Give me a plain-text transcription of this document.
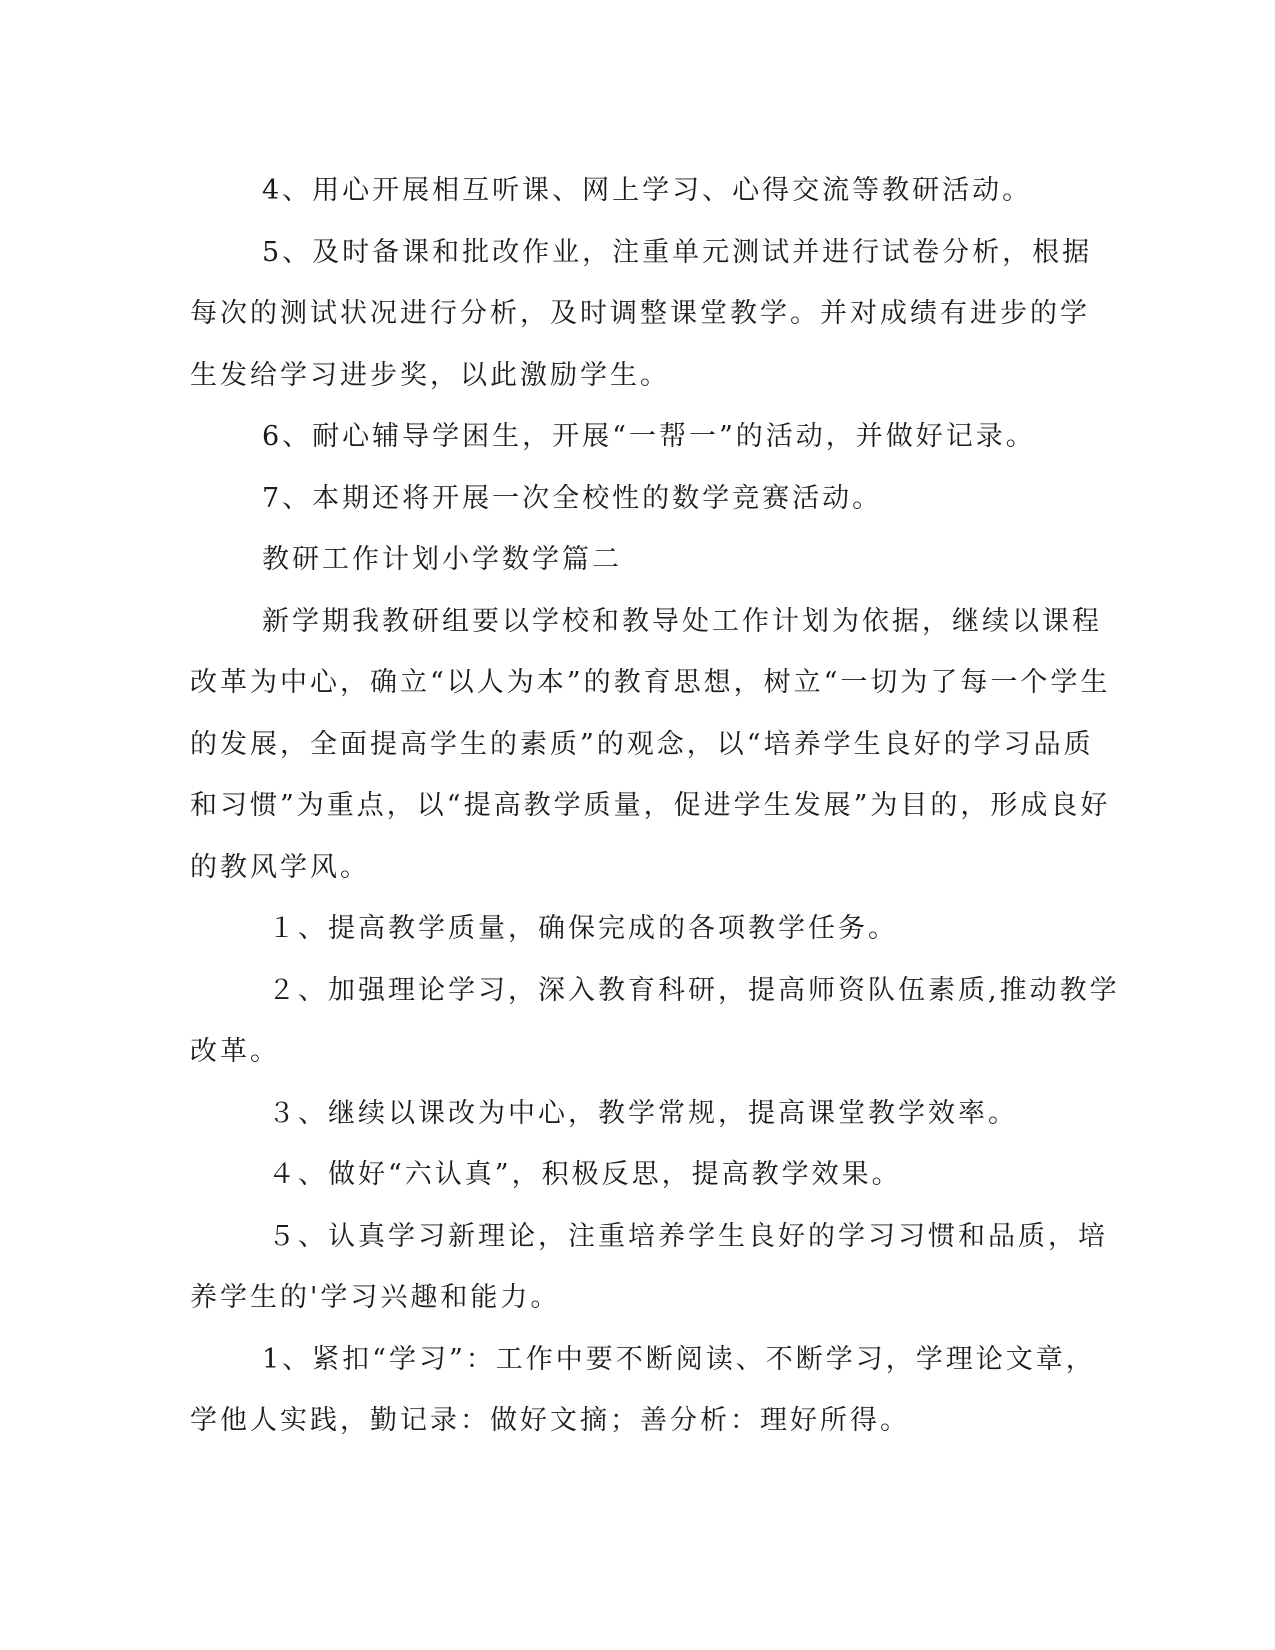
4、用心开展相互听课、网上学习、心得交流等教研活动。
5、及时备课和批改作业，注重单元测试并进行试卷分析，根据
每次的测试状况进行分析，及时调整课堂教学。并对成绩有进步的学
生发给学习进步奖，以此激励学生。
6、耐心辅导学困生，开展“一帮一”的活动，并做好记录。
7、本期还将开展一次全校性的数学竞赛活动。
教研工作计划小学数学篇二
新学期我教研组要以学校和教导处工作计划为依据，继续以课程
改革为中心，确立“以人为本”的教育思想，树立“一切为了每一个学生
的发展，全面提高学生的素质”的观念，以“培养学生良好的学习品质
和习惯”为重点，以“提高教学质量，促进学生发展”为目的，形成良好
的教风学风。
１、提高教学质量，确保完成的各项教学任务。
２、加强理论学习，深入教育科研，提高师资队伍素质,推动教学
改革。
３、继续以课改为中心，教学常规，提高课堂教学效率。
４、做好“六认真”，积极反思，提高教学效果。
５、认真学习新理论，注重培养学生良好的学习习惯和品质，培
养学生的'学习兴趣和能力。
1、紧扣“学习”：工作中要不断阅读、不断学习，学理论文章，
学他人实践，勤记录：做好文摘；善分析：理好所得。
